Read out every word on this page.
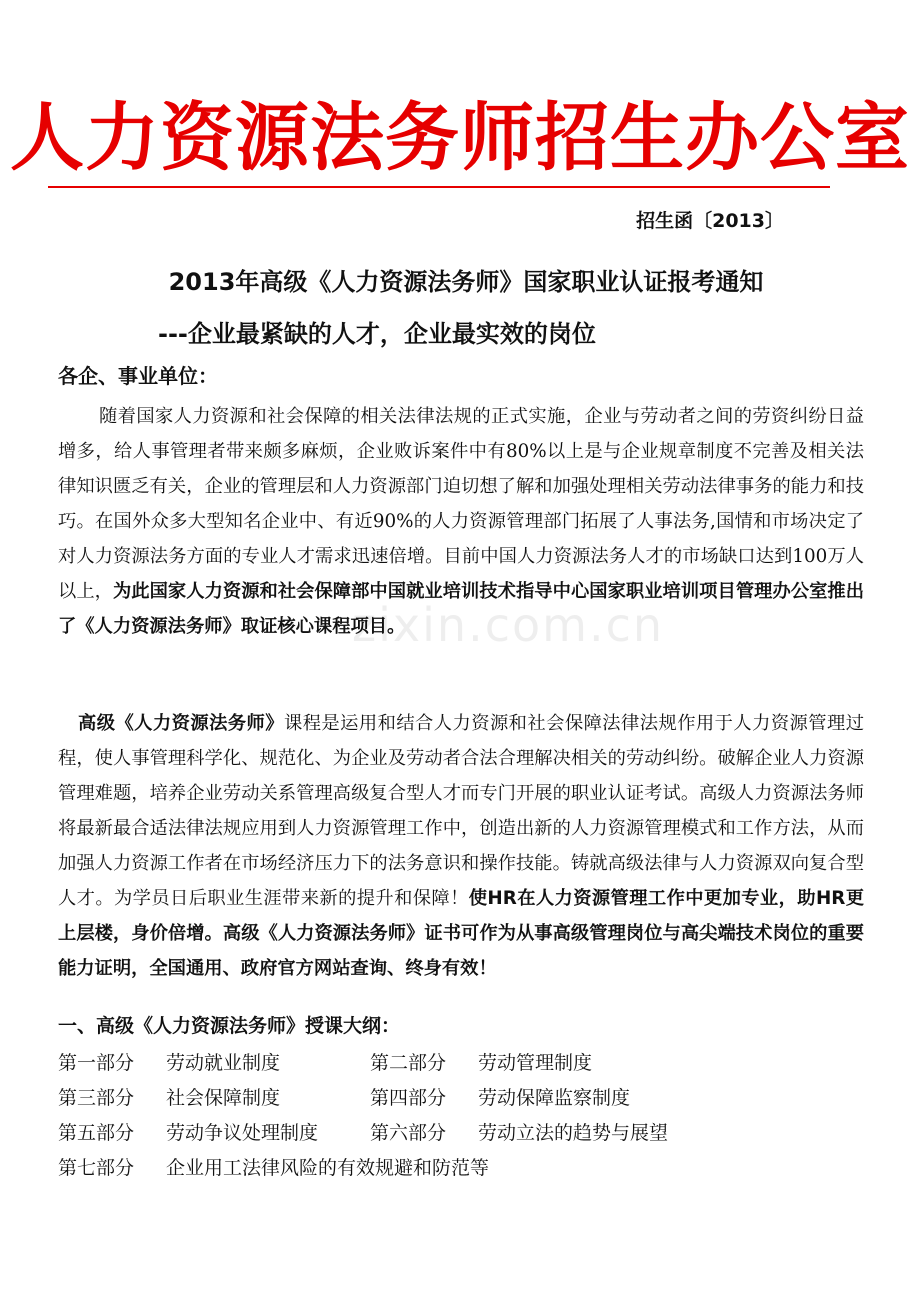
人力资源法务师招生办公室
招生函〔2013〕
2013年高级《人力资源法务师》国家职业认证报考通知
---企业最紧缺的人才，企业最实效的岗位
各企、事业单位：
zixin.com.cn
随着国家人力资源和社会保障的相关法律法规的正式实施，企业与劳动者之间的劳资纠纷日益增多，给人事管理者带来颇多麻烦，企业败诉案件中有80%以上是与企业规章制度不完善及相关法律知识匮乏有关，企业的管理层和人力资源部门迫切想了解和加强处理相关劳动法律事务的能力和技巧。在国外众多大型知名企业中、有近90%的人力资源管理部门拓展了人事法务,国情和市场决定了对人力资源法务方面的专业人才需求迅速倍增。目前中国人力资源法务人才的市场缺口达到100万人以上，为此国家人力资源和社会保障部中国就业培训技术指导中心国家职业培训项目管理办公室推出了《人力资源法务师》取证核心课程项目。
高级《人力资源法务师》课程是运用和结合人力资源和社会保障法律法规作用于人力资源管理过程，使人事管理科学化、规范化、为企业及劳动者合法合理解决相关的劳动纠纷。破解企业人力资源管理难题，培养企业劳动关系管理高级复合型人才而专门开展的职业认证考试。高级人力资源法务师将最新最合适法律法规应用到人力资源管理工作中，创造出新的人力资源管理模式和工作方法，从而加强人力资源工作者在市场经济压力下的法务意识和操作技能。铸就高级法律与人力资源双向复合型人才。为学员日后职业生涯带来新的提升和保障！使HR在人力资源管理工作中更加专业，助HR更上层楼，身价倍增。高级《人力资源法务师》证书可作为从事高级管理岗位与高尖端技术岗位的重要能力证明，全国通用、政府官方网站查询、终身有效！
一、高级《人力资源法务师》授课大纲：
第一部分 劳动就业制度	第二部分 劳动管理制度
第三部分 社会保障制度	第四部分 劳动保障监察制度
第五部分 劳动争议处理制度	第六部分 劳动立法的趋势与展望
第七部分 企业用工法律风险的有效规避和防范等
